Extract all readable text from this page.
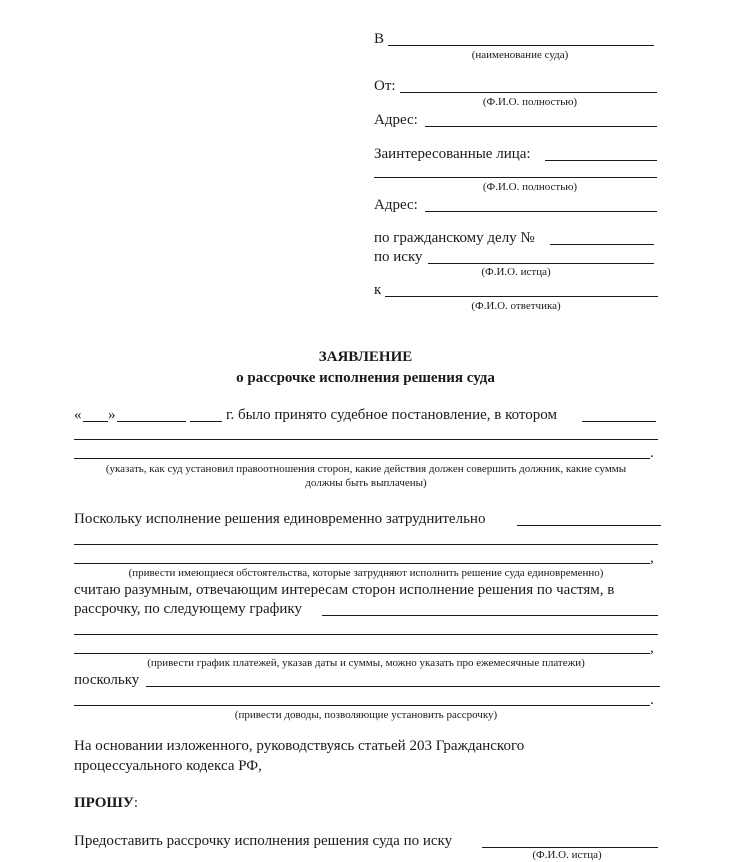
В
(наименование суда)
От:
(Ф.И.О. полностью)
Адрес:
Заинтересованные лица:
(Ф.И.О. полностью)
Адрес:
по гражданскому делу №
по иску
(Ф.И.О. истца)
к
(Ф.И.О. ответчика)
ЗАЯВЛЕНИЕ
о рассрочке исполнения решения суда
« »	г. было принято судебное постановление, в котором
.
(указать, как суд установил правоотношения сторон, какие действия должен совершить должник, какие суммы
должны быть выплачены)
Поскольку исполнение решения единовременно затруднительно
,
(привести имеющиеся обстоятельства, которые затрудняют исполнить решение суда единовременно)
считаю разумным, отвечающим интересам сторон исполнение решения по частям, в
рассрочку, по следующему графику
,
(привести график платежей, указав даты и суммы, можно указать про ежемесячные платежи)
поскольку
.
(привести доводы, позволяющие установить рассрочку)
На основании изложенного, руководствуясь статьей 203 Гражданского
процессуального кодекса РФ,
ПРОШУ:
Предоставить рассрочку исполнения решения суда по иску
(Ф.И.О. истца)
